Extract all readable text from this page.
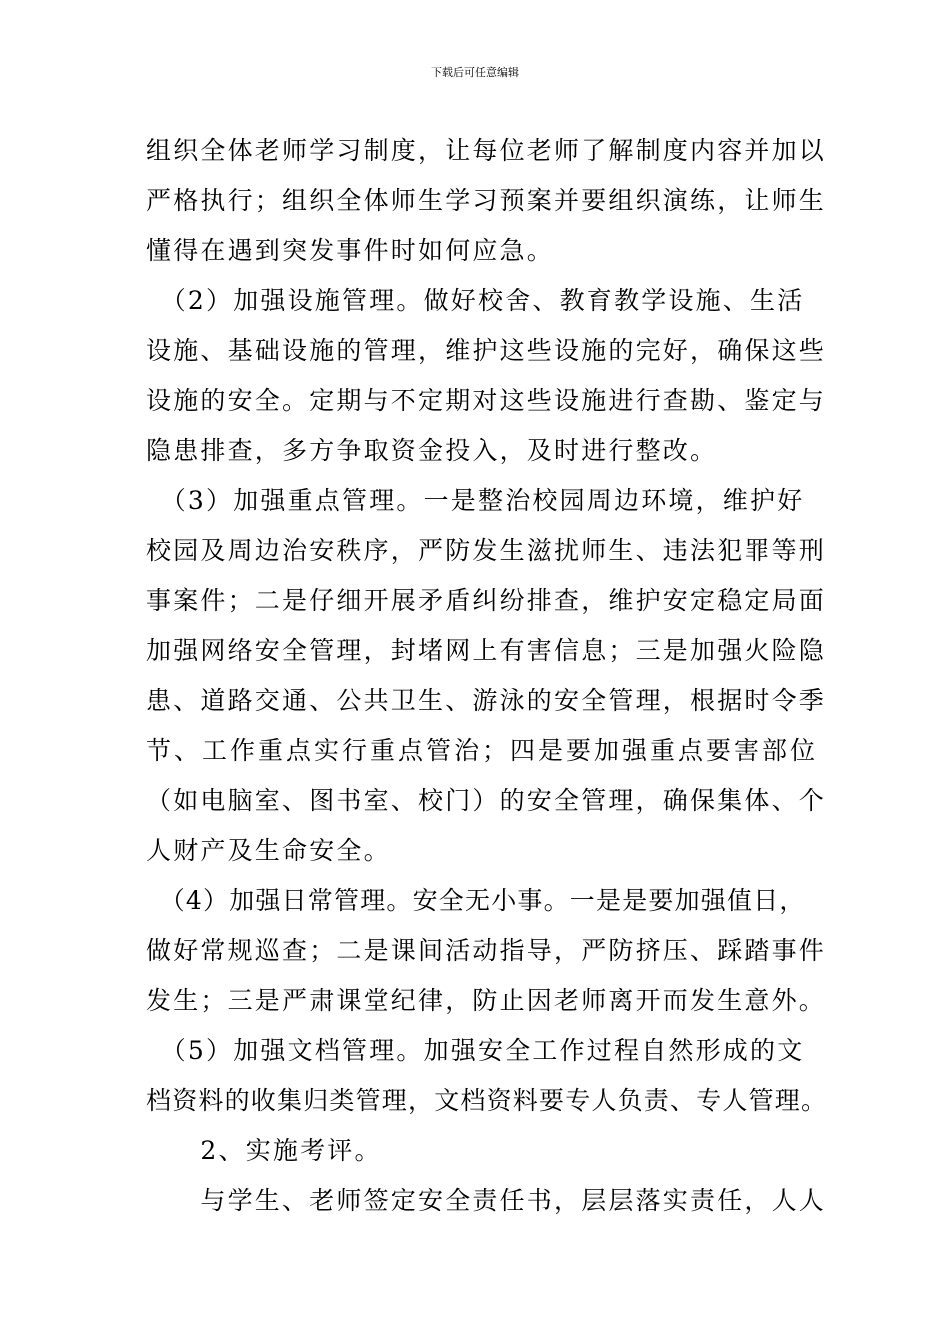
下载后可任意编辑
组织全体老师学习制度，让每位老师了解制度内容并加以
严格执行；组织全体师生学习预案并要组织演练，让师生
懂得在遇到突发事件时如何应急。
　（2）加强设施管理。做好校舍、教育教学设施、生活
设施、基础设施的管理，维护这些设施的完好，确保这些
设施的安全。定期与不定期对这些设施进行查勘、鉴定与
隐患排查，多方争取资金投入，及时进行整改。
　（3）加强重点管理。一是整治校园周边环境，维护好
校园及周边治安秩序，严防发生滋扰师生、违法犯罪等刑
事案件；二是仔细开展矛盾纠纷排查，维护安定稳定局面
加强网络安全管理，封堵网上有害信息；三是加强火险隐
患、道路交通、公共卫生、游泳的安全管理，根据时令季
节、工作重点实行重点管治；四是要加强重点要害部位
（如电脑室、图书室、校门）的安全管理，确保集体、个
人财产及生命安全。
　（4）加强日常管理。安全无小事。一是是要加强值日，
做好常规巡查；二是课间活动指导，严防挤压、踩踏事件
发生；三是严肃课堂纪律，防止因老师离开而发生意外。
　（5）加强文档管理。加强安全工作过程自然形成的文
档资料的收集归类管理，文档资料要专人负责、专人管理。
　　2、实施考评。
　　与学生、老师签定安全责任书，层层落实责任，人人
